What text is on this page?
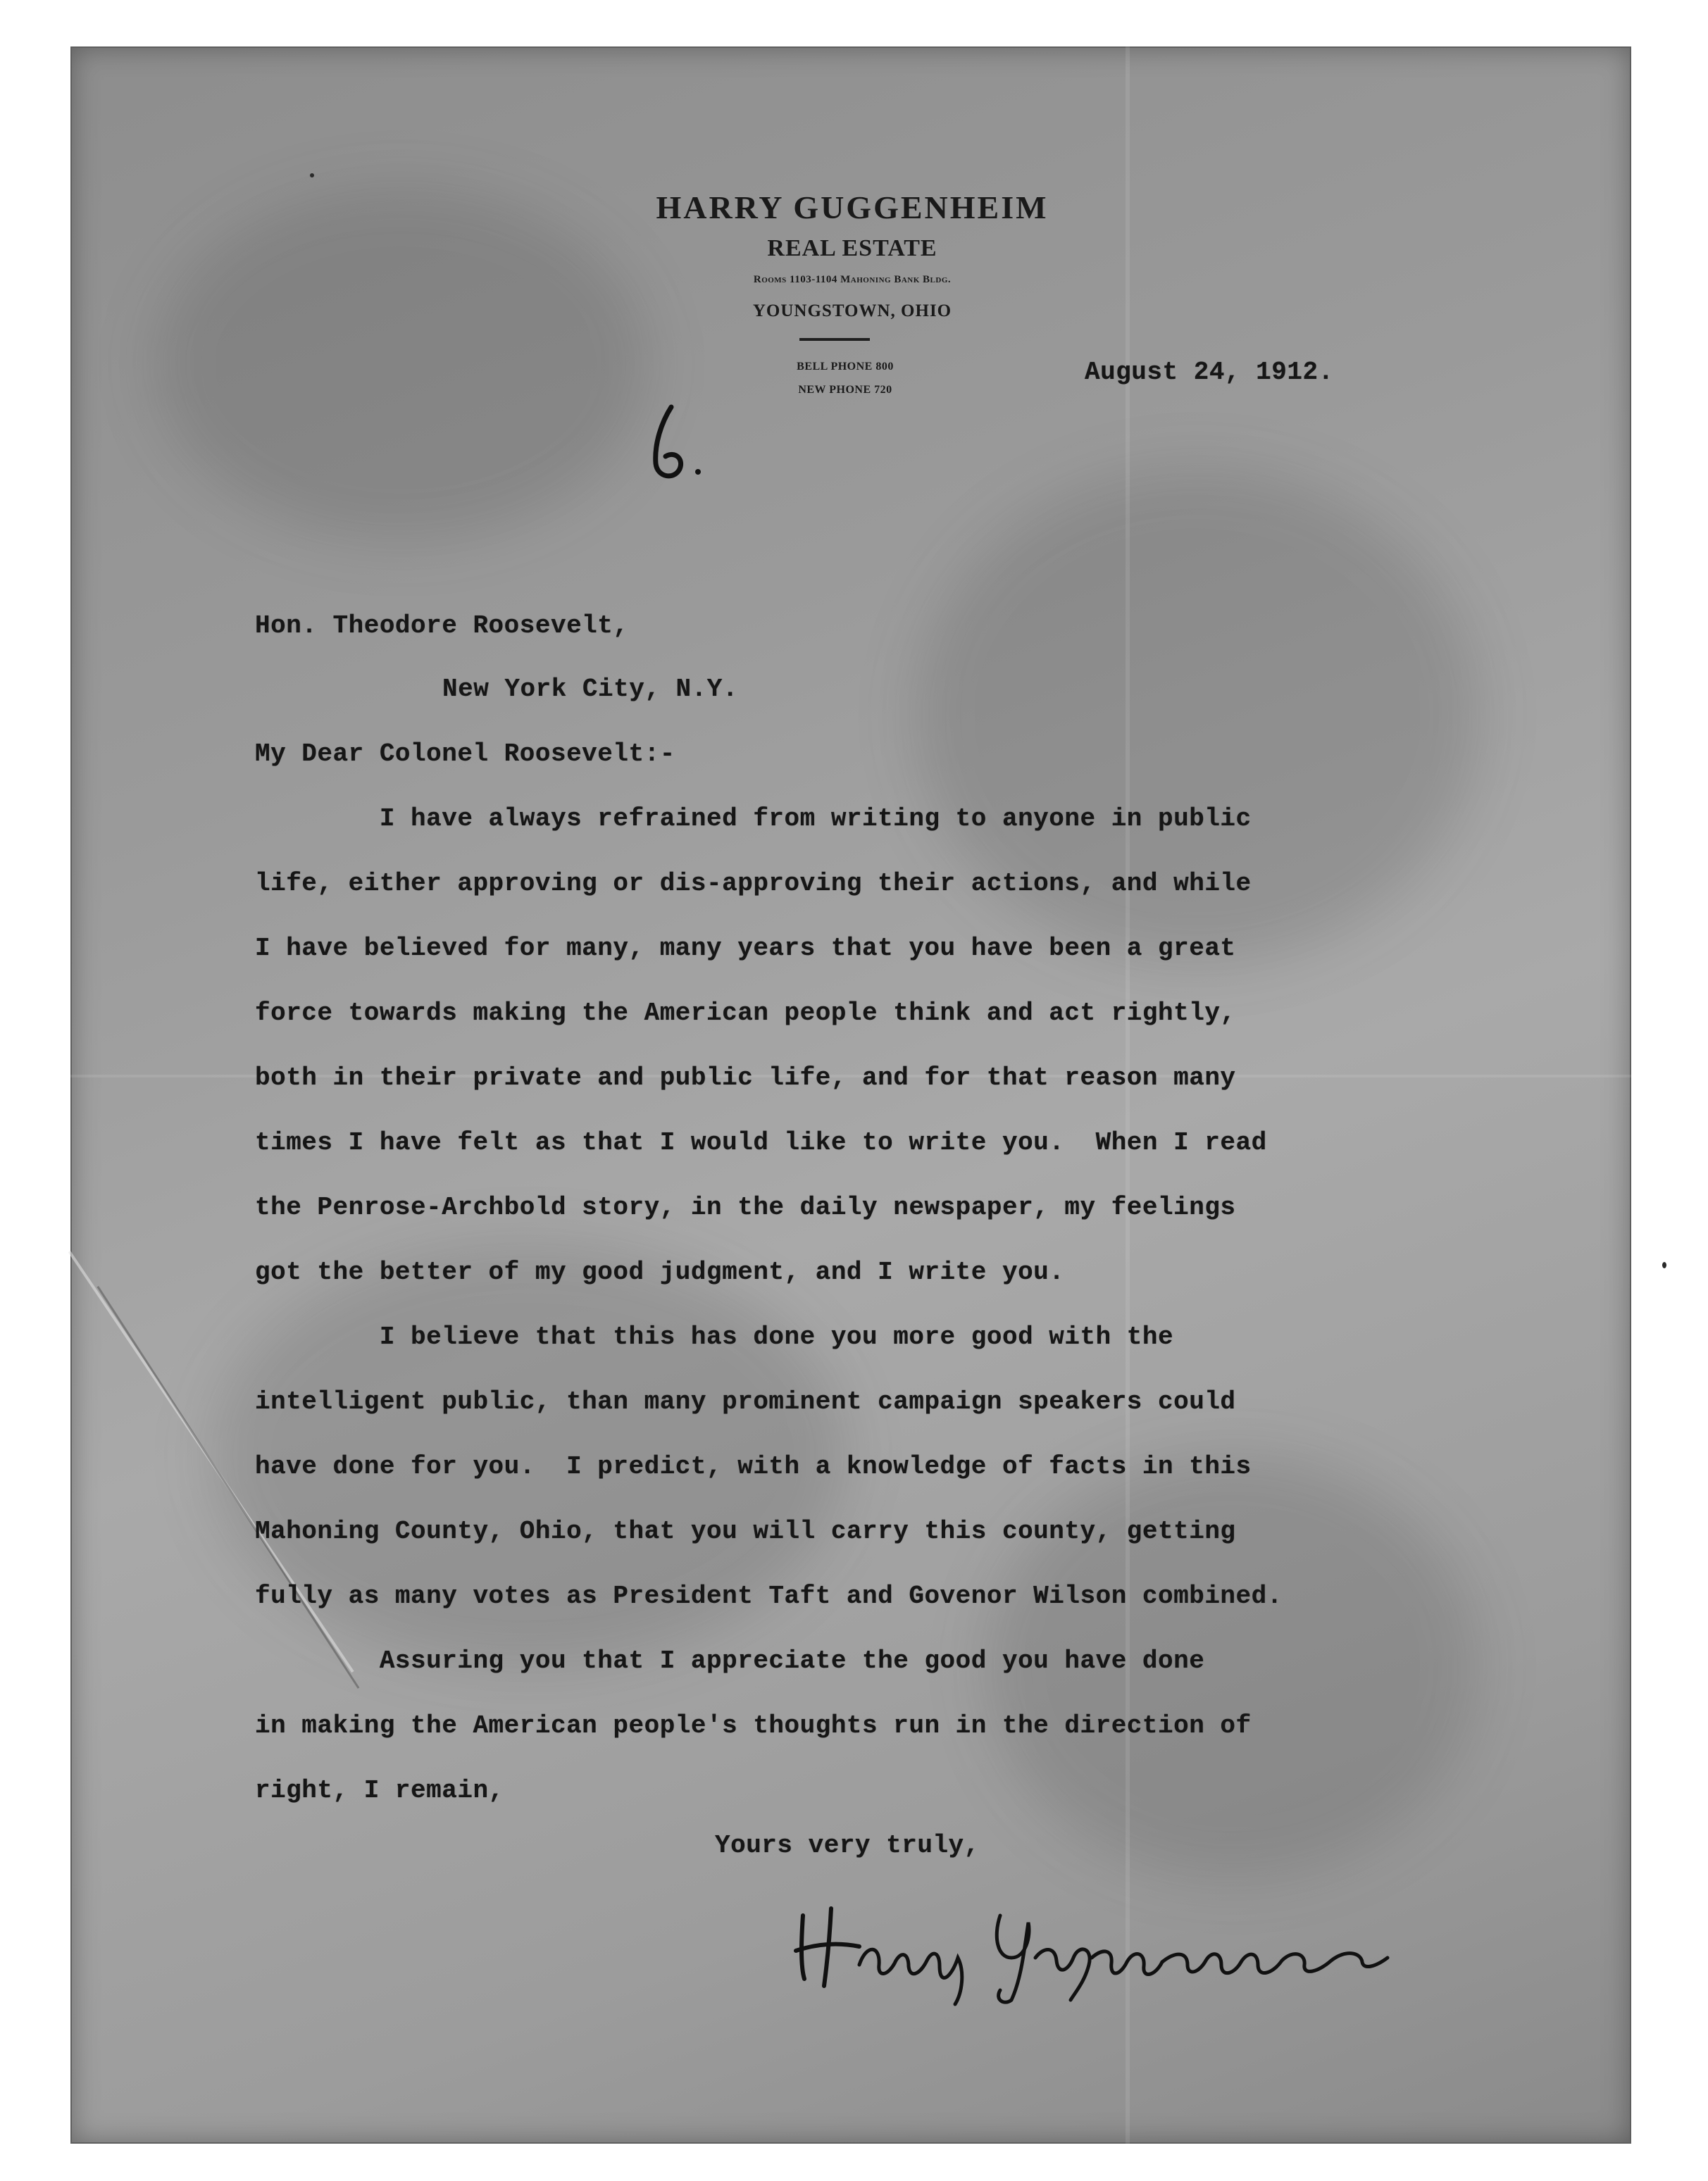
HARRY GUGGENHEIM
REAL ESTATE
Rooms 1103-1104 Mahoning Bank Bldg.
YOUNGSTOWN, OHIO
BELL PHONE 800
NEW PHONE 720
August 24, 1912.
Hon. Theodore Roosevelt,
New York City, N.Y.
My Dear Colonel Roosevelt:-
I have always refrained from writing to anyone in public
life, either approving or dis-approving their actions, and while
I have believed for many, many years that you have been a great
force towards making the American people think and act rightly,
both in their private and public life, and for that reason many
times I have felt as that I would like to write you.  When I read
the Penrose-Archbold story, in the daily newspaper, my feelings
got the better of my good judgment, and I write you.
I believe that this has done you more good with the
intelligent public, than many prominent campaign speakers could
have done for you.  I predict, with a knowledge of facts in this
Mahoning County, Ohio, that you will carry this county, getting
fully as many votes as President Taft and Govenor Wilson combined.
Assuring you that I appreciate the good you have done
in making the American people's thoughts run in the direction of
right, I remain,
Yours very truly,
